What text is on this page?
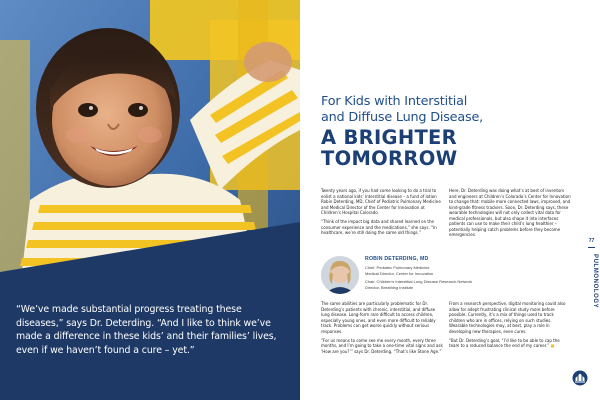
“We’ve made substantial progress treating these diseases,” says Dr. Deterding. “And I like to think we’ve made a difference in these kids’ and their families’ lives, even if we haven’t found a cure – yet.”

For Kids with Interstitial
and Diffuse Lung Disease,
A BRIGHTER
TOMORROW

Twenty years ago, if you had come looking to do a trial to enlist a national kids’ Interstitial disease – a fund of lotion Robin Deterding, MD, Chief of Pediatric Pulmonary Medicine and Medical Director of the Center for Innovation at Children’s Hospital Colorado.

“Think of the impact big data and shared learned on the consumer experience and the medications,” she says. “In healthcare, we’re still doing the same old things.”

Here, Dr. Deterding was doing what’s at best of inventors and engineers at Children’s Colorado’s Center for Innovation to change that: mobile more connected laws, improved, and kind-grade fitness trackers. Soon, Dr. Deterding says, these wearable technologies will not only collect vital data for medical professionals, but also shape it into interfaces patients can use to make their child’s lung healthier – potentially helping catch problems before they become emergencies.

ROBIN DETERDING, MD

Chief, Pediatric Pulmonary Medicine

Medical Director, Center for Innovation

Chair, Children’s Interstitial Lung Disease Research Network

Director, Breathing Institute

The same abilities are particularly problematic for Dr. Deterding’s patients with chronic, interstitial, and diffuse lung disease. Long-form rare difficult to access children, especially young ones, and even more difficult to reliably track. Problems can get worse quickly without serious responses.

“For us means to come see me every month, every three months, and I’m going to take a one-time vital signs and ask ‘How are you?’” says Dr. Deterding. “That’s like Stone Age.”

From a research perspective, digital monitoring could also allow for adept frustrating clinical study more before possible. Currently, it’s a mix of things used to track children who are in offices, relying on such studies. Wearable technologies may, at best, play a role in developing new therapies, even cures.

“But Dr. Deterding’s goal, “I’d like to be able to cap the team to a reduced balance the end of my career.” ■

77
PULMONOLOGY
